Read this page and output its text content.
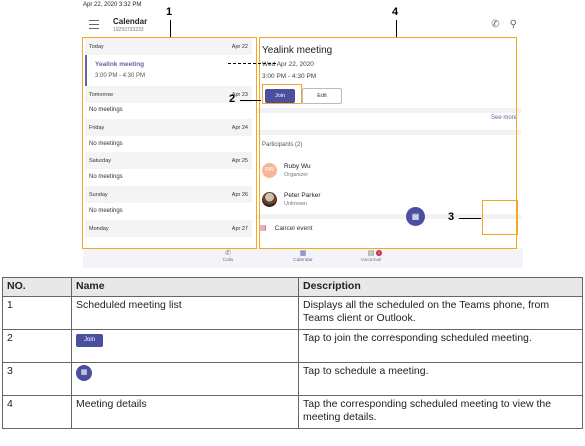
Apr 22, 2020 3:32 PM
Calendar
19293733233	✆ ⚲
Today	Apr 22
Yealink meeting
3:00 PM - 4:30 PM
Tomorrow	Apr 23
No meetings
Friday	Apr 24
No meetings
Saturday	Apr 25
No meetings
Sunday	Apr 26
No meetings
Monday	Apr 27
Yealink meeting
Wed Apr 22, 2020
3:00 PM - 4:30 PM
Join	Edit
See more
Participants (2)
RW	Ruby Wu
Organizer
Peter Parker
Unknown
▤ Cancel event
▦
✆
Calls
▦
Calendar
▤ 1
Voicemail
1	4
2
3
NO.	Name	Description
1	Scheduled meeting list	Displays all the scheduled on the Teams phone, from Teams client or Outlook.
2	Join	Tap to join the corresponding scheduled meeting.
3	▦	Tap to schedule a meeting.
4	Meeting details	Tap the corresponding scheduled meeting to view the meeting details.
